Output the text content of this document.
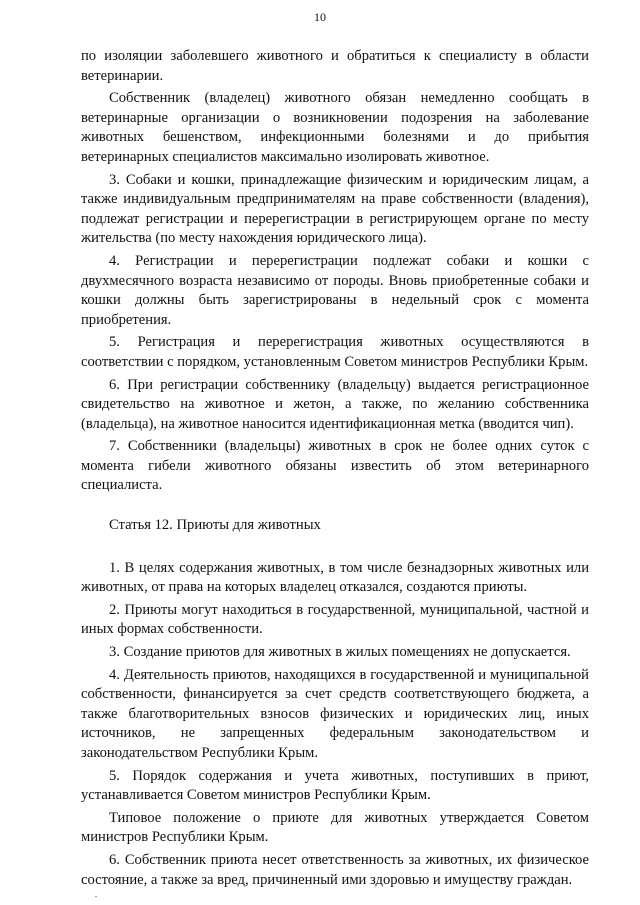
10

по изоляции заболевшего животного и обратиться к специалисту в области ветеринарии.

Собственник (владелец) животного обязан немедленно сообщать в ветеринарные организации о возникновении подозрения на заболевание животных бешенством, инфекционными болезнями и до прибытия ветеринарных специалистов максимально изолировать животное.

3. Собаки и кошки, принадлежащие физическим и юридическим лицам, а также индивидуальным предпринимателям на праве собственности (владения), подлежат регистрации и перерегистрации в регистрирующем органе по месту жительства (по месту нахождения юридического лица).

4. Регистрации и перерегистрации подлежат собаки и кошки с двухмесячного возраста независимо от породы. Вновь приобретенные собаки и кошки должны быть зарегистрированы в недельный срок с момента приобретения.

5. Регистрация и перерегистрация животных осуществляются в соответствии с порядком, установленным Советом министров Республики Крым.

6. При регистрации собственнику (владельцу) выдается регистрационное свидетельство на животное и жетон, а также, по желанию собственника (владельца), на животное наносится идентификационная метка (вводится чип).

7. Собственники (владельцы) животных в срок не более одних суток с момента гибели животного обязаны известить об этом ветеринарного специалиста.

Статья 12. Приюты для животных

1. В целях содержания животных, в том числе безнадзорных животных или животных, от права на которых владелец отказался, создаются приюты.

2. Приюты могут находиться в государственной, муниципальной, частной и иных формах собственности.

3. Создание приютов для животных в жилых помещениях не допускается.

4. Деятельность приютов, находящихся в государственной и муниципальной собственности, финансируется за счет средств соответствующего бюджета, а также благотворительных взносов физических и юридических лиц, иных источников, не запрещенных федеральным законодательством и законодательством Республики Крым.

5. Порядок содержания и учета животных, поступивших в приют, устанавливается Советом министров Республики Крым.

Типовое положение о приюте для животных утверждается Советом министров Республики Крым.

6. Собственник приюта несет ответственность за животных, их физическое состояние, а также за вред, причиненный ими здоровью и имуществу граждан.
